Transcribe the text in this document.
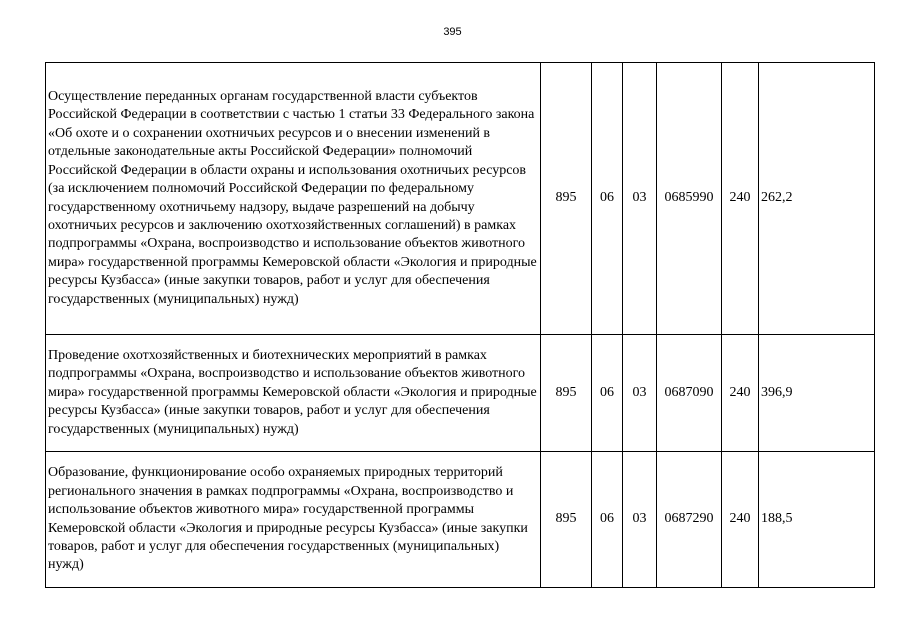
395
Осуществление переданных органам государственной власти субъектов Российской Федерации в соответствии с частью 1 статьи 33 Федерального закона «Об охоте и о сохранении охотничьих ресурсов и о внесении изменений в отдельные законодательные акты Российской Федерации» полномочий Российской Федерации в области охраны и использования охотничьих ресурсов (за исключением полномочий Российской Федерации по федеральному государственному охотничьему надзору, выдаче разрешений на добычу охотничьих ресурсов и заключению охотхозяйственных соглашений) в рамках подпрограммы «Охрана, воспроизводство и использование объектов животного мира» государственной программы Кемеровской области «Экология и природные ресурсы Кузбасса» (иные закупки товаров, работ и услуг для обеспечения государственных (муниципальных) нужд)	895	06	03	0685990	240	262,2
Проведение охотхозяйственных и биотехнических мероприятий в рамках подпрограммы «Охрана, воспроизводство и использование объектов животного мира» государственной программы Кемеровской области «Экология и природные ресурсы Кузбасса» (иные закупки товаров, работ и услуг для обеспечения государственных (муниципальных) нужд)	895	06	03	0687090	240	396,9
Образование, функционирование особо охраняемых природных территорий регионального значения в рамках подпрограммы «Охрана, воспроизводство и использование объектов животного мира» государственной программы Кемеровской области «Экология и природные ресурсы Кузбасса» (иные закупки товаров, работ и услуг для обеспечения государственных (муниципальных) нужд)	895	06	03	0687290	240	188,5
